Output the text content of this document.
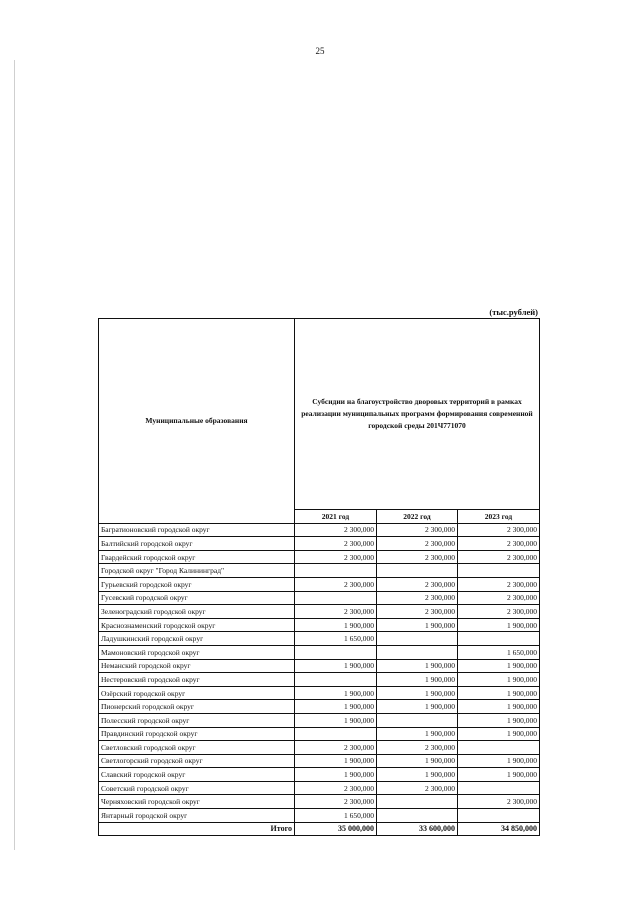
25
(тыс.рублей)
Муниципальные образования	Субсидии на благоустройство дворовых территорий в рамках реализации муниципальных программ формирования современной городской среды 201Ч771070		
	2021 год	2022 год	2023 год
Багратионовский городской округ	2 300,000	2 300,000	2 300,000
Балтийский городской округ	2 300,000	2 300,000	2 300,000
Гвардейский городской округ	2 300,000	2 300,000	2 300,000
Городской округ "Город Калининград"			
Гурьевский городской округ	2 300,000	2 300,000	2 300,000
Гусевский городской округ		2 300,000	2 300,000
Зеленоградский городской округ	2 300,000	2 300,000	2 300,000
Краснознаменский городской округ	1 900,000	1 900,000	1 900,000
Ладушкинский городской округ	1 650,000		
Мамоновский городской округ			1 650,000
Неманский городской округ	1 900,000	1 900,000	1 900,000
Нестеровский городской округ		1 900,000	1 900,000
Озёрский городской округ	1 900,000	1 900,000	1 900,000
Пионерский городской округ	1 900,000	1 900,000	1 900,000
Полесский городской округ	1 900,000		1 900,000
Правдинский городской округ		1 900,000	1 900,000
Светловский городской округ	2 300,000	2 300,000	
Светлогорский городской округ	1 900,000	1 900,000	1 900,000
Славский городской округ	1 900,000	1 900,000	1 900,000
Советский городской округ	2 300,000	2 300,000	
Черняховский городской округ	2 300,000		2 300,000
Янтарный городской округ	1 650,000		
Итого	35 000,000	33 600,000	34 850,000
